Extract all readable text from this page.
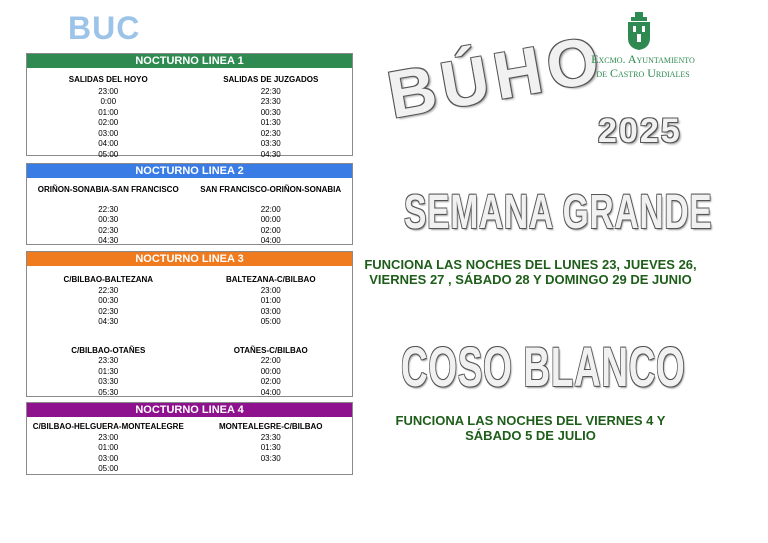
BUC
NOCTURNO LINEA 1
SALIDAS DEL HOYO
23:00
0:00
01:00
02:00
03:00
04:00
05:00
SALIDAS DE JUZGADOS
22:30
23:30
00:30
01:30
02:30
03:30
04:30
NOCTURNO LINEA 2
ORIÑON-SONABIA-SAN FRANCISCO
22:30
00:30
02:30
04:30
SAN FRANCISCO-ORIÑON-SONABIA
22:00
00:00
02:00
04:00
NOCTURNO LINEA 3
C/BILBAO-BALTEZANA
22:30
00:30
02:30
04:30
BALTEZANA-C/BILBAO
23:00
01:00
03:00
05:00
C/BILBAO-OTAÑES
23:30
01:30
03:30
05:30
OTAÑES-C/BILBAO
22:00
00:00
02:00
04:00
NOCTURNO LINEA 4
C/BILBAO-HELGUERA-MONTEALEGRE
23:00
01:00
03:00
05:00
MONTEALEGRE-C/BILBAO
23:30
01:30
03:30
BÚHO
2025
SEMANA GRANDE
FUNCIONA LAS NOCHES DEL LUNES 23, JUEVES 26, VIERNES 27 , SÁBADO 28 Y DOMINGO 29 DE JUNIO
COSO BLANCO
FUNCIONA LAS NOCHES DEL VIERNES 4 Y SÁBADO 5 DE JULIO
Excmo. Ayuntamiento
de Castro Urdiales
